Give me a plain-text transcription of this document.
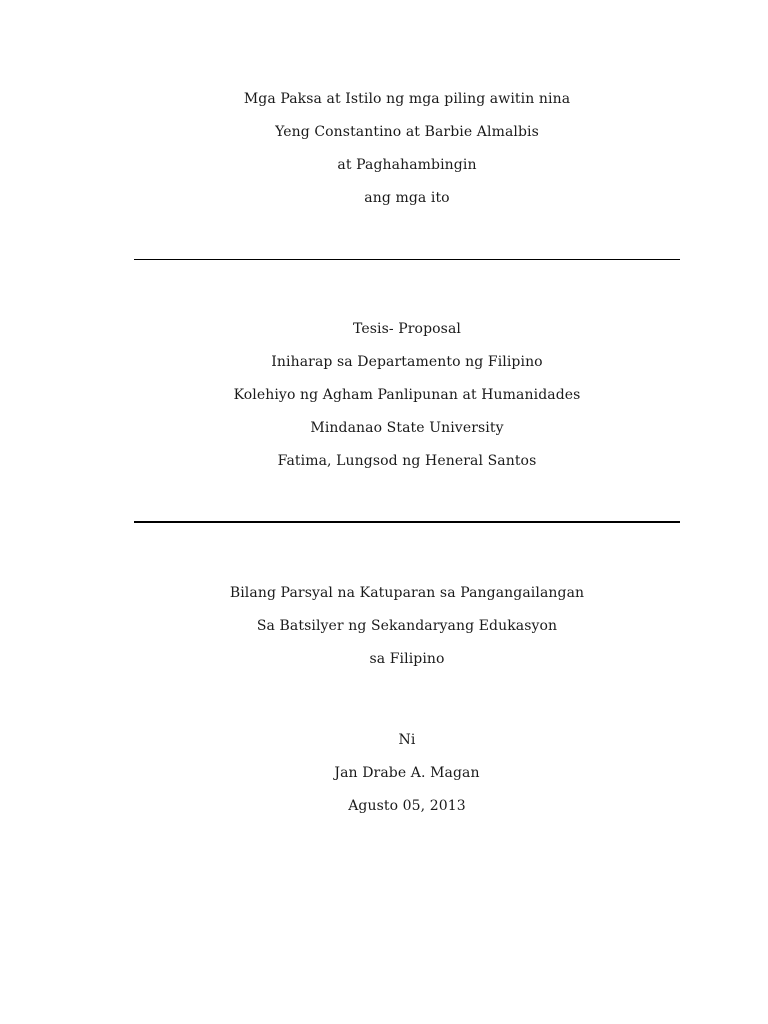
Mga Paksa at Istilo ng mga piling awitin nina
Yeng Constantino at Barbie Almalbis
at Paghahambingin
ang mga ito
Tesis- Proposal
Iniharap sa Departamento ng Filipino
Kolehiyo ng Agham Panlipunan at Humanidades
Mindanao State University
Fatima, Lungsod ng Heneral Santos
Bilang Parsyal na Katuparan sa Pangangailangan
Sa Batsilyer ng Sekandaryang Edukasyon
sa Filipino
Ni
Jan Drabe A. Magan
Agusto 05, 2013
